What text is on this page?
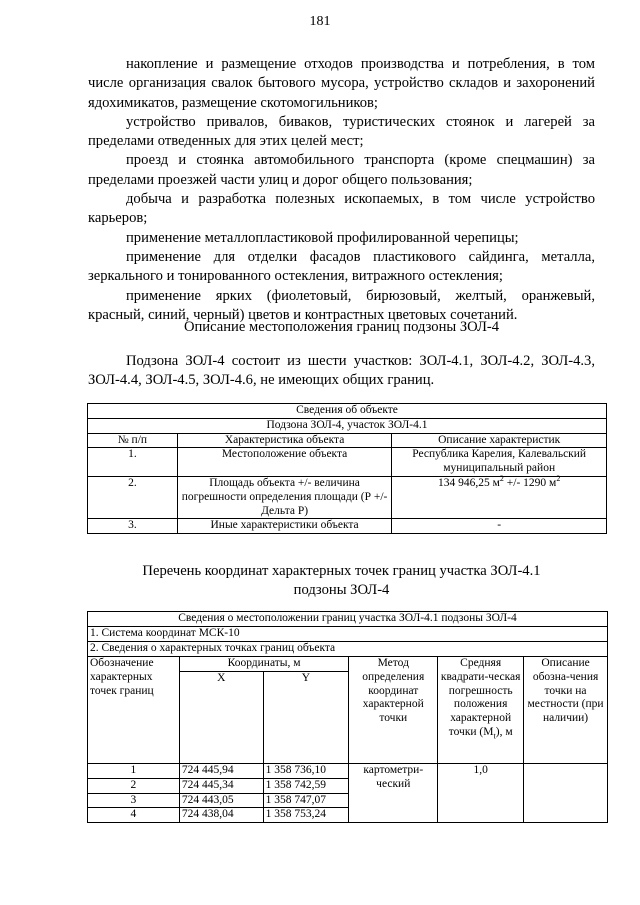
181
накопление и размещение отходов производства и потребления, в том числе организация свалок бытового мусора, устройство складов и захоронений ядохимикатов, размещение скотомогильников;
устройство привалов, бивакoв, туристических стоянок и лагерей за пределами отведенных для этих целей мест;
проезд и стоянка автомобильного транспорта (кроме спецмашин) за пределами проезжей части улиц и дорог общего пользования;
добыча и разработка полезных ископаемых, в том числе устройство карьеров;
применение металлопластиковой профилированной черепицы;
применение для отделки фасадов пластикового сайдинга, металла, зеркального и тонированного остекления, витражного остекления;
применение ярких (фиолетовый, бирюзовый, желтый, оранжевый, красный, синий, черный) цветов и контрастных цветовых сочетаний.
Описание местоположения границ подзоны ЗОЛ-4
Подзона ЗОЛ-4 состоит из шести участков: ЗОЛ-4.1, ЗОЛ-4.2, ЗОЛ-4.3, ЗОЛ-4.4, ЗОЛ-4.5, ЗОЛ-4.6, не имеющих общих границ.
Сведения об объекте		
Подзона ЗОЛ-4, участок ЗОЛ-4.1		
№ п/п	Характеристика объекта	Описание характеристик
1.	Местоположение объекта	Республика Карелия, Калевальский муниципальный район
2.	Площадь объекта +/- величина погрешности определения площади (Р +/- Дельта Р)	134 946,25 $м^2$ +/- 1290 $м^2$
3.	Иные характеристики объекта	-
Перечень координат характерных точек границ участка ЗОЛ-4.1
подзоны ЗОЛ-4
Сведения о местоположении границ участка ЗОЛ-4.1 подзоны ЗОЛ-4					
1. Система координат МСК-10					
2. Сведения о характерных точках границ объекта					
Обозначение характерных точек границ	Координаты, м		Метод определения координат характерной точки	Средняя квадрати-ческая погрешность положения характерной точки $(M_t)$, м	Описание обозна-чения точки на местности (при наличии)
	X	Y			
1	724 445,94	1 358 736,10	картометри-ческий	1,0	
2	724 445,34	1 358 742,59			
3	724 443,05	1 358 747,07			
4	724 438,04	1 358 753,24			
